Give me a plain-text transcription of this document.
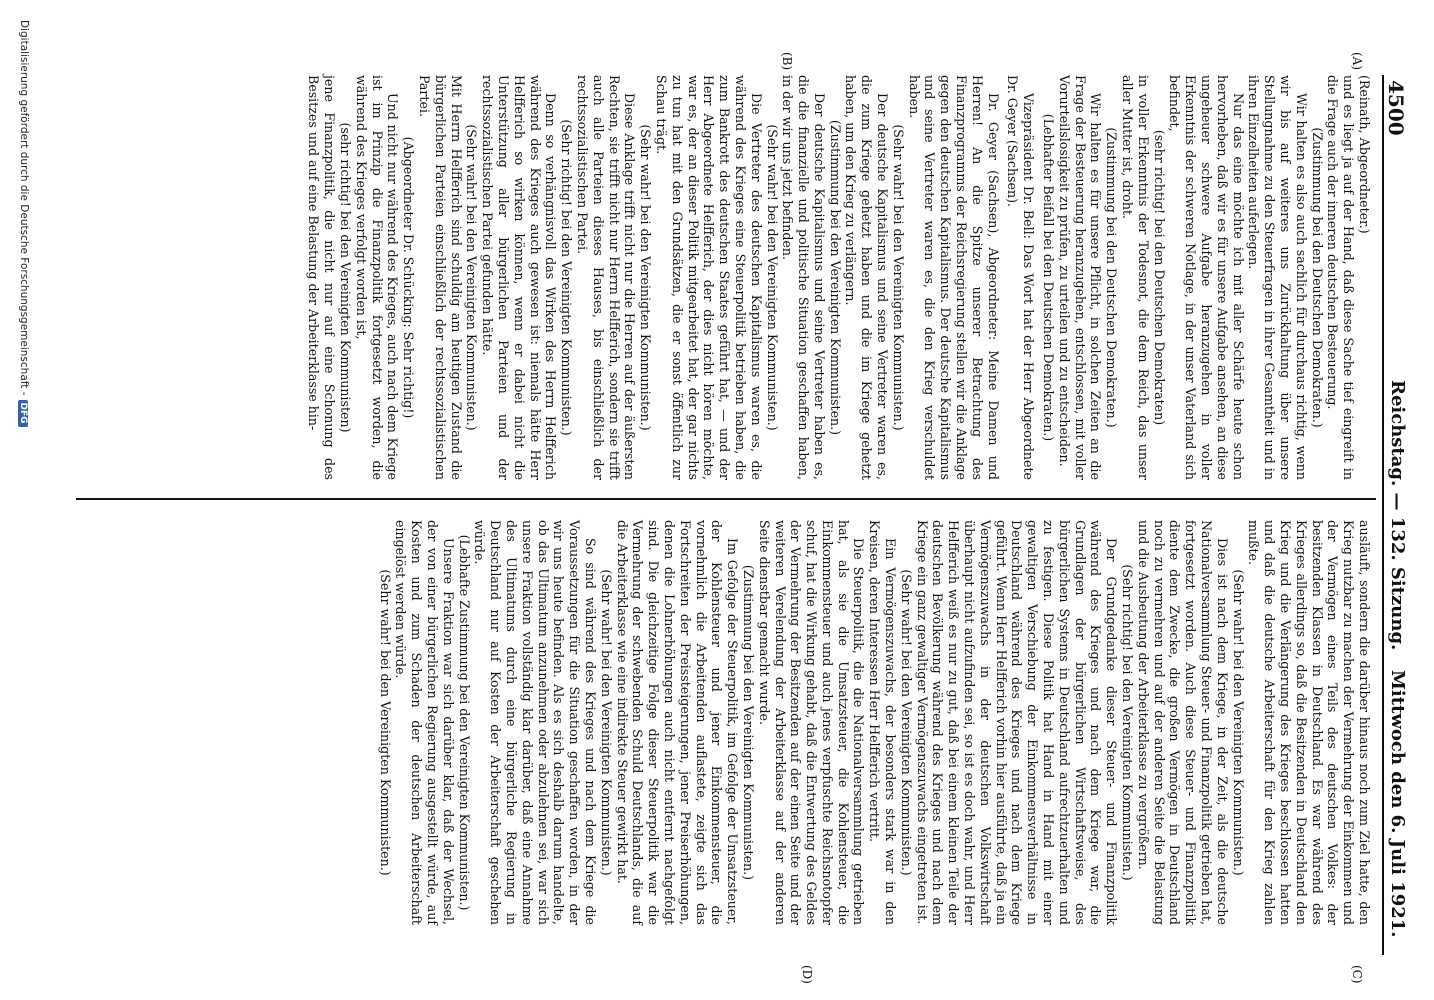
4500
Reichstag. — 132. Sitzung.
Mittwoch den 6. Juli 1921.
(A)
(B)
(C)
(D)

(Reinath, Abgeordneter.)

und es liegt ja auf der Hand, daß diese Sache tief eingreift in die Frage auch der inneren deutschen Besteuerung.

(Zustimmung bei den Deutschen Demokraten.)

Wir halten es also auch sachlich für durchaus richtig, wenn wir bis auf weiteres uns Zurückhaltung über unsere Stellungnahme zu den Steuerfragen in ihrer Gesamtheit und in ihren Einzelheiten auferlegen.

Nur das eine möchte ich mit aller Schärfe heute schon hervorheben, daß wir es für unsere Aufgabe ansehen, an diese ungeheuer schwere Aufgabe heranzugehen in voller Erkenntnis der schweren Notlage, in der unser Vaterland sich befindet,

(sehr richtig! bei den Deutschen Demokraten)

in voller Erkenntnis der Todesnot, die dem Reich, das unser aller Mutter ist, droht.

(Zustimmung bei den Deutschen Demokraten.)

Wir halten es für unsere Pflicht, in solchen Zeiten an die Frage der Besteuerung heranzugehen, entschlossen, mit voller Vorurteilslosigkeit zu prüfen, zu urteilen und zu entscheiden.

(Lebhafter Beifall bei den Deutschen Demokraten.)

Vizepräsident Dr. Bell: Das Wort hat der Herr Abgeordnete Dr. Geyer (Sachsen).

Dr. Geyer (Sachsen), Abgeordneter: Meine Damen und Herren! An die Spitze unserer Betrachtung des Finanzprogramms der Reichsregierung stellen wir die Anklage gegen den deutschen Kapitalismus. Der deutsche Kapitalismus und seine Vertreter waren es, die den Krieg verschuldet haben.

(Sehr wahr! bei den Vereinigten Kommunisten.)

Der deutsche Kapitalismus und seine Vertreter waren es, die zum Kriege gehetzt haben und die im Kriege gehetzt haben, um den Krieg zu verlängern.

(Zustimmung bei den Vereinigten Kommunisten.)

Der deutsche Kapitalismus und seine Vertreter haben es, die die finanzielle und politische Situation geschaffen haben, in der wir uns jetzt befinden.

(Sehr wahr! bei den Vereinigten Kommunisten.)

Die Vertreter des deutschen Kapitalismus waren es, die während des Krieges eine Steuerpolitik betrieben haben, die zum Bankrott des deutschen Staates geführt hat, — und der Herr Abgeordnete Helfferich, der dies nicht hören möchte, war es, der an dieser Politik mitgearbeitet hat, der gar nichts zu tun hat mit den Grundsätzen, die er sonst öffentlich zur Schau trägt.

(Sehr wahr! bei den Vereinigten Kommunisten.)

Diese Anklage trifft nicht nur die Herren auf der äußersten Rechten, sie trifft nicht nur Herrn Helfferich, sondern sie trifft auch alle Parteien dieses Hauses, bis einschließlich der rechtssozialistischen Partei.

(Sehr richtig! bei den Vereinigten Kommunisten.)

Denn so verhängnisvoll das Wirken des Herrn Helfferich während des Krieges auch gewesen ist: niemals hätte Herr Helfferich so wirken können, wenn er dabei nicht die Unterstützung aller bürgerlichen Parteien und der rechtssozialistischen Partei gefunden hätte.

(Sehr wahr! bei den Vereinigten Kommunisten.)

Mit Herrn Helfferich sind schuldig am heutigen Zustand die bürgerlichen Parteien einschließlich der rechtssozialistischen Partei.

(Abgeordneter Dr. Schücking: Sehr richtig!)

Und nicht nur während des Krieges, auch nach dem Kriege ist im Prinzip die Finanzpolitik fortgesetzt worden, die während des Krieges verfolgt worden ist,

(sehr richtig! bei den Vereinigten Kommunisten)

jene Finanzpolitik, die nicht nur auf eine Schonung des Besitzes und auf eine Belastung der Arbeiterklasse hin-

ausläuft, sondern die darüber hinaus noch zum Ziel hatte, den Krieg nutzbar zu machen der Vermehrung der Einkommen und der Vermögen eines Teils des deutschen Volkes: der besitzenden Klassen in Deutschland. Es war während des Krieges allerdings so, daß die Besitzenden in Deutschland den Krieg und die Verlängerung des Krieges beschlossen hatten und daß die deutsche Arbeiterschaft für den Krieg zahlen mußte.

(Sehr wahr! bei den Vereinigten Kommunisten.)

Dies ist nach dem Kriege, in der Zeit, als die deutsche Nationalversammlung Steuer- und Finanzpolitik getrieben hat, fortgesetzt worden. Auch diese Steuer- und Finanzpolitik diente dem Zwecke, die großen Vermögen in Deutschland noch zu vermehren und auf der anderen Seite die Belastung und die Ausbeutung der Arbeiterklasse zu vergrößern.

(Sehr richtig! bei den Vereinigten Kommunisten.)

Der Grundgedanke dieser Steuer- und Finanzpolitik während des Krieges und nach dem Kriege war, die Grundlagen der bürgerlichen Wirtschaftsweise, des bürgerlichen Systems in Deutschland aufrechtzuerhalten und zu festigen. Diese Politik hat Hand in Hand mit einer gewaltigen Verschiebung der Einkommensverhältnisse in Deutschland während des Krieges und nach dem Kriege geführt. Wenn Herr Helfferich vorhin hier ausführte, daß ja ein Vermögenszuwachs in der deutschen Volkswirtschaft überhaupt nicht aufzufinden sei, so ist es doch wahr, und Herr Helfferich weiß es nur zu gut, daß bei einem kleinen Teile der deutschen Bevölkerung während des Krieges und nach dem Kriege ein ganz gewaltiger Vermögenszuwachs eingetreten ist.

(Sehr wahr! bei den Vereinigten Kommunisten.)

Ein Vermögenszuwachs, der besonders stark war in den Kreisen, deren Interessen Herr Helfferich vertritt.

Die Steuerpolitik, die die Nationalversammlung getrieben hat, als sie die Umsatzsteuer, die Kohlensteuer, die Einkommensteuer und auch jenes verpfuschte Reichsnotopfer schuf, hat die Wirkung gehabt, daß die Entwertung des Geldes der Vermehrung der Besitzenden auf der einen Seite und der weiteren Verelendung der Arbeiterklasse auf der anderen Seite dienstbar gemacht wurde.

(Zustimmung bei den Vereinigten Kommunisten.)

Im Gefolge der Steuerpolitik, im Gefolge der Umsatzsteuer, der Kohlensteuer und jener Einkommensteuer, die vornehmlich die Arbeitenden auflastete, zeigte sich das Fortschreiten der Preissteigerungen, jener Preiserhöhungen, denen die Lohnerhöhungen auch nicht entfernt nachgefolgt sind. Die gleichzeitige Folge dieser Steuerpolitik war die Vermehrung der schwebenden Schuld Deutschlands, die auf die Arbeiterklasse wie eine indirekte Steuer gewirkt hat.

(Sehr wahr! bei den Vereinigten Kommunisten.)

So sind während des Krieges und nach dem Kriege die Voraussetzungen für die Situation geschaffen worden, in der wir uns heute befinden. Als es sich deshalb darum handelte, ob das Ultimatum anzunehmen oder abzulehnen sei, war sich unsere Fraktion vollständig klar darüber, daß eine Annahme des Ultimatums durch eine bürgerliche Regierung in Deutschland nur auf Kosten der Arbeiterschaft geschehen würde.

(Lebhafte Zustimmung bei den Vereinigten Kommunisten.)

Unsere Fraktion war sich darüber klar, daß der Wechsel, der von einer bürgerlichen Regierung ausgestellt würde, auf Kosten und zum Schaden der deutschen Arbeiterschaft eingelöst werden würde.

(Sehr wahr! bei den Vereinigten Kommunisten.)

Digitalisierung gefördert durch die Deutsche Forschungsgemeinschaft -DFG
